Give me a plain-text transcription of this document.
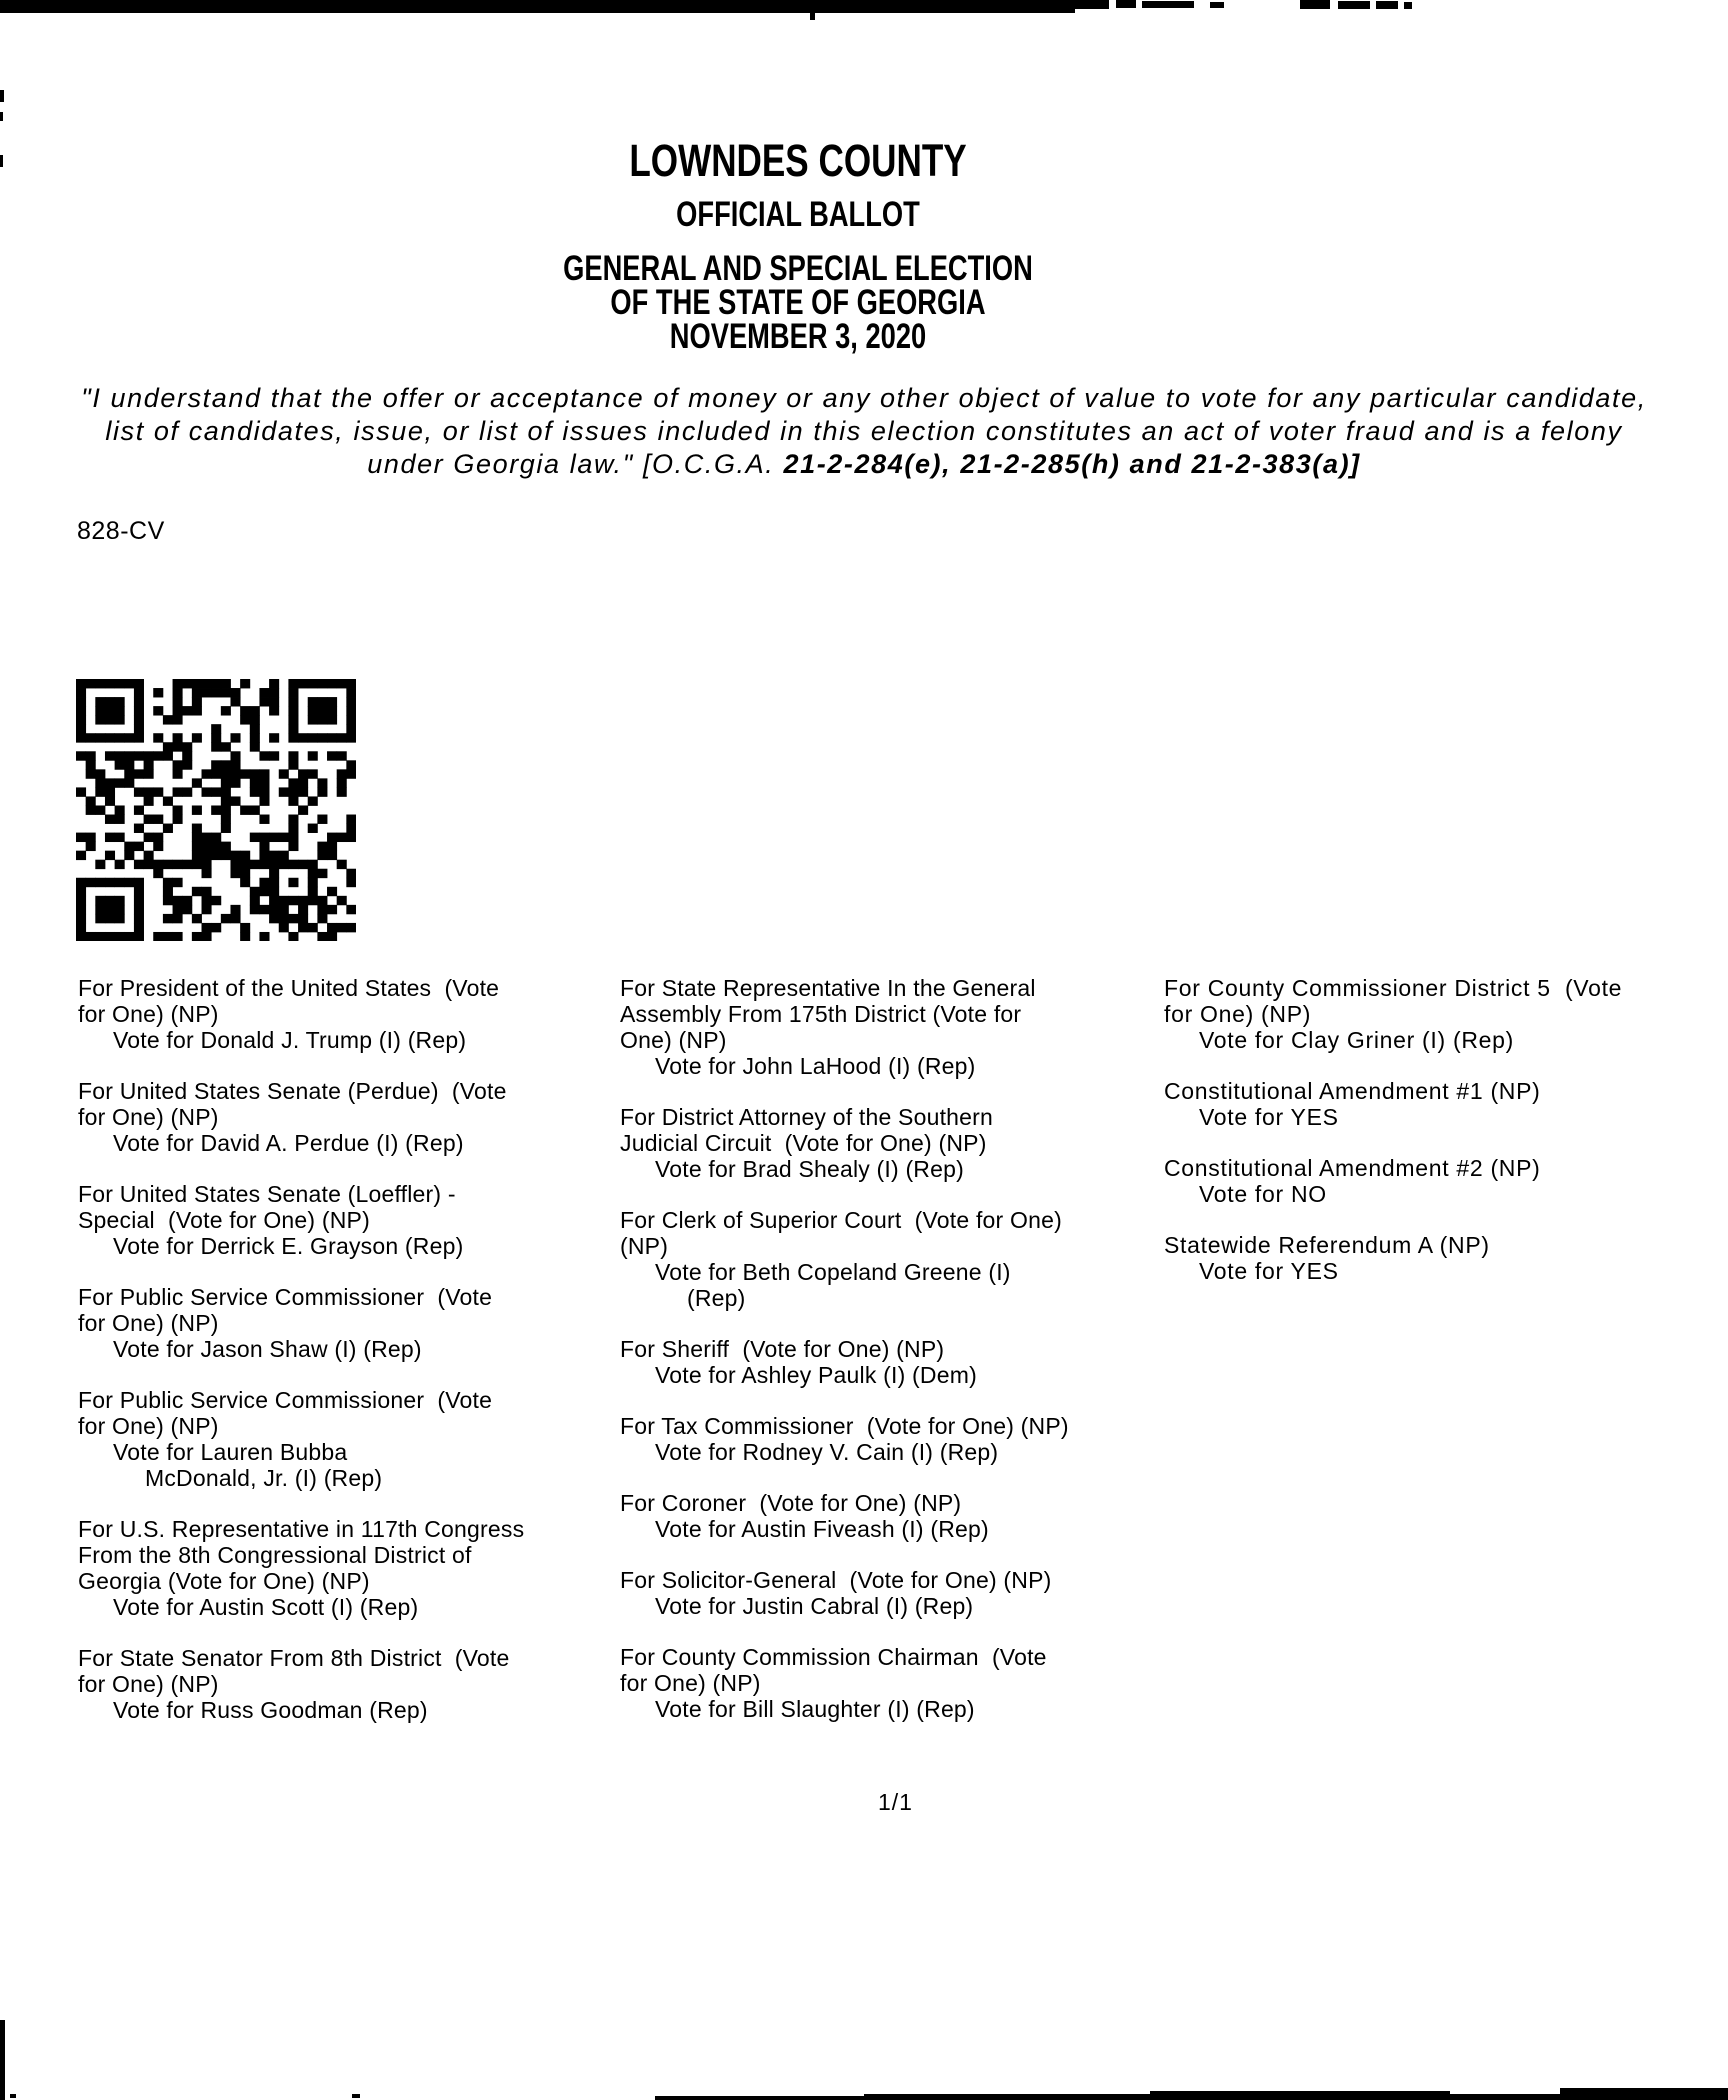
LOWNDES COUNTY
OFFICIAL BALLOT
GENERAL AND SPECIAL ELECTION
OF THE STATE OF GEORGIA
NOVEMBER 3, 2020
"I understand that the offer or acceptance of money or any other object of value to vote for any particular candidate,
list of candidates, issue, or list of issues included in this election constitutes an act of voter fraud and is a felony
under Georgia law." [O.C.G.A. 21-2-284(e), 21-2-285(h) and 21-2-383(a)]
828-CV
For President of the United States  (Vote
for One) (NP)
Vote for Donald J. Trump (I) (Rep)
For United States Senate (Perdue)  (Vote
for One) (NP)
Vote for David A. Perdue (I) (Rep)
For United States Senate (Loeffler) -
Special  (Vote for One) (NP)
Vote for Derrick E. Grayson (Rep)
For Public Service Commissioner  (Vote
for One) (NP)
Vote for Jason Shaw (I) (Rep)
For Public Service Commissioner  (Vote
for One) (NP)
Vote for Lauren Bubba
McDonald, Jr. (I) (Rep)
For U.S. Representative in 117th Congress
From the 8th Congressional District of
Georgia (Vote for One) (NP)
Vote for Austin Scott (I) (Rep)
For State Senator From 8th District  (Vote
for One) (NP)
Vote for Russ Goodman (Rep)
For State Representative In the General
Assembly From 175th District (Vote for
One) (NP)
Vote for John LaHood (I) (Rep)
For District Attorney of the Southern
Judicial Circuit  (Vote for One) (NP)
Vote for Brad Shealy (I) (Rep)
For Clerk of Superior Court  (Vote for One)
(NP)
Vote for Beth Copeland Greene (I)
(Rep)
For Sheriff  (Vote for One) (NP)
Vote for Ashley Paulk (I) (Dem)
For Tax Commissioner  (Vote for One) (NP)
Vote for Rodney V. Cain (I) (Rep)
For Coroner  (Vote for One) (NP)
Vote for Austin Fiveash (I) (Rep)
For Solicitor-General  (Vote for One) (NP)
Vote for Justin Cabral (I) (Rep)
For County Commission Chairman  (Vote
for One) (NP)
Vote for Bill Slaughter (I) (Rep)
For County Commissioner District 5  (Vote
for One) (NP)
Vote for Clay Griner (I) (Rep)
Constitutional Amendment #1 (NP)
Vote for YES
Constitutional Amendment #2 (NP)
Vote for NO
Statewide Referendum A (NP)
Vote for YES
1/1
